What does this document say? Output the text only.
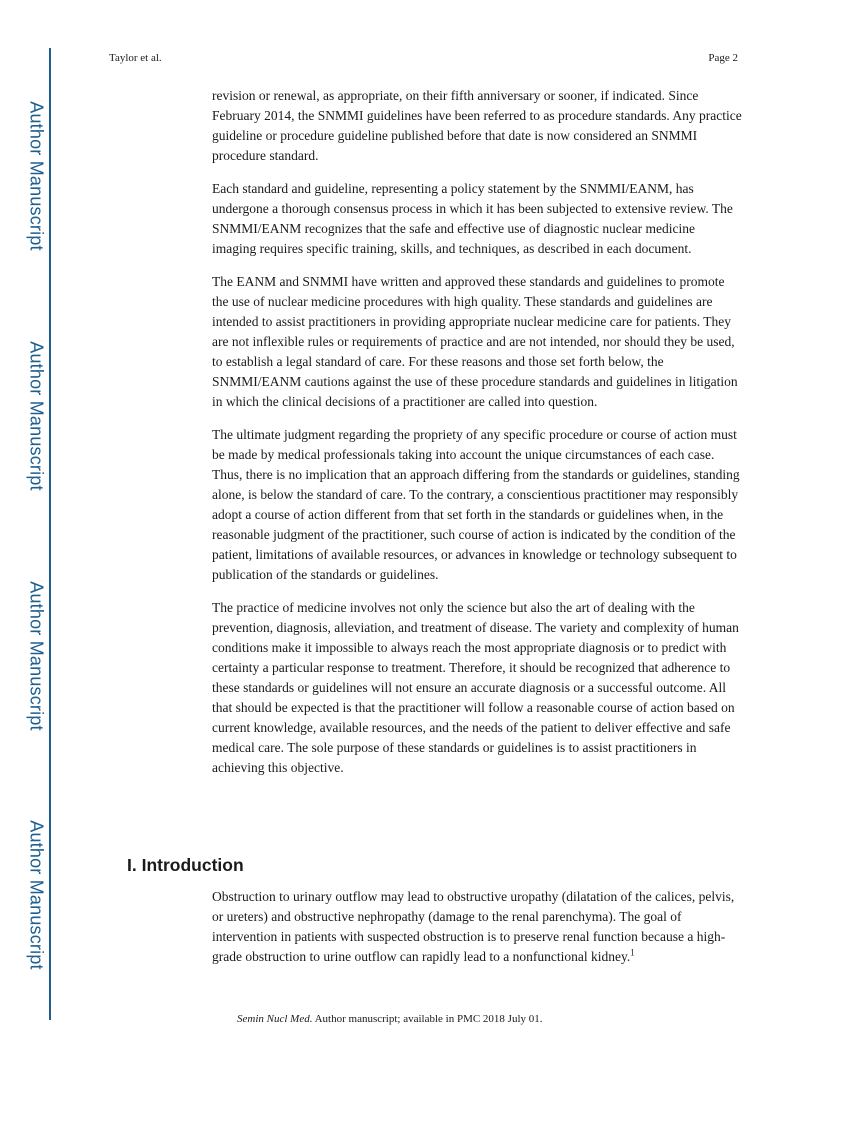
Author Manuscript
Author Manuscript
Author Manuscript
Author Manuscript
Taylor et al.	Page 2

revision or renewal, as appropriate, on their fifth anniversary or sooner, if indicated. Since February 2014, the SNMMI guidelines have been referred to as procedure standards. Any practice guideline or procedure guideline published before that date is now considered an SNMMI procedure standard.

Each standard and guideline, representing a policy statement by the SNMMI/EANM, has undergone a thorough consensus process in which it has been subjected to extensive review. The SNMMI/EANM recognizes that the safe and effective use of diagnostic nuclear medicine imaging requires specific training, skills, and techniques, as described in each document.

The EANM and SNMMI have written and approved these standards and guidelines to promote the use of nuclear medicine procedures with high quality. These standards and guidelines are intended to assist practitioners in providing appropriate nuclear medicine care for patients. They are not inflexible rules or requirements of practice and are not intended, nor should they be used, to establish a legal standard of care. For these reasons and those set forth below, the SNMMI/EANM cautions against the use of these procedure standards and guidelines in litigation in which the clinical decisions of a practitioner are called into question.

The ultimate judgment regarding the propriety of any specific procedure or course of action must be made by medical professionals taking into account the unique circumstances of each case. Thus, there is no implication that an approach differing from the standards or guidelines, standing alone, is below the standard of care. To the contrary, a conscientious practitioner may responsibly adopt a course of action different from that set forth in the standards or guidelines when, in the reasonable judgment of the practitioner, such course of action is indicated by the condition of the patient, limitations of available resources, or advances in knowledge or technology subsequent to publication of the standards or guidelines.

The practice of medicine involves not only the science but also the art of dealing with the prevention, diagnosis, alleviation, and treatment of disease. The variety and complexity of human conditions make it impossible to always reach the most appropriate diagnosis or to predict with certainty a particular response to treatment. Therefore, it should be recognized that adherence to these standards or guidelines will not ensure an accurate diagnosis or a successful outcome. All that should be expected is that the practitioner will follow a reasonable course of action based on current knowledge, available resources, and the needs of the patient to deliver effective and safe medical care. The sole purpose of these standards or guidelines is to assist practitioners in achieving this objective.

I. Introduction

Obstruction to urinary outflow may lead to obstructive uropathy (dilatation of the calices, pelvis, or ureters) and obstructive nephropathy (damage to the renal parenchyma). The goal of intervention in patients with suspected obstruction is to preserve renal function because a high-grade obstruction to urine outflow can rapidly lead to a nonfunctional kidney.$^1$

Semin Nucl Med. Author manuscript; available in PMC 2018 July 01.
